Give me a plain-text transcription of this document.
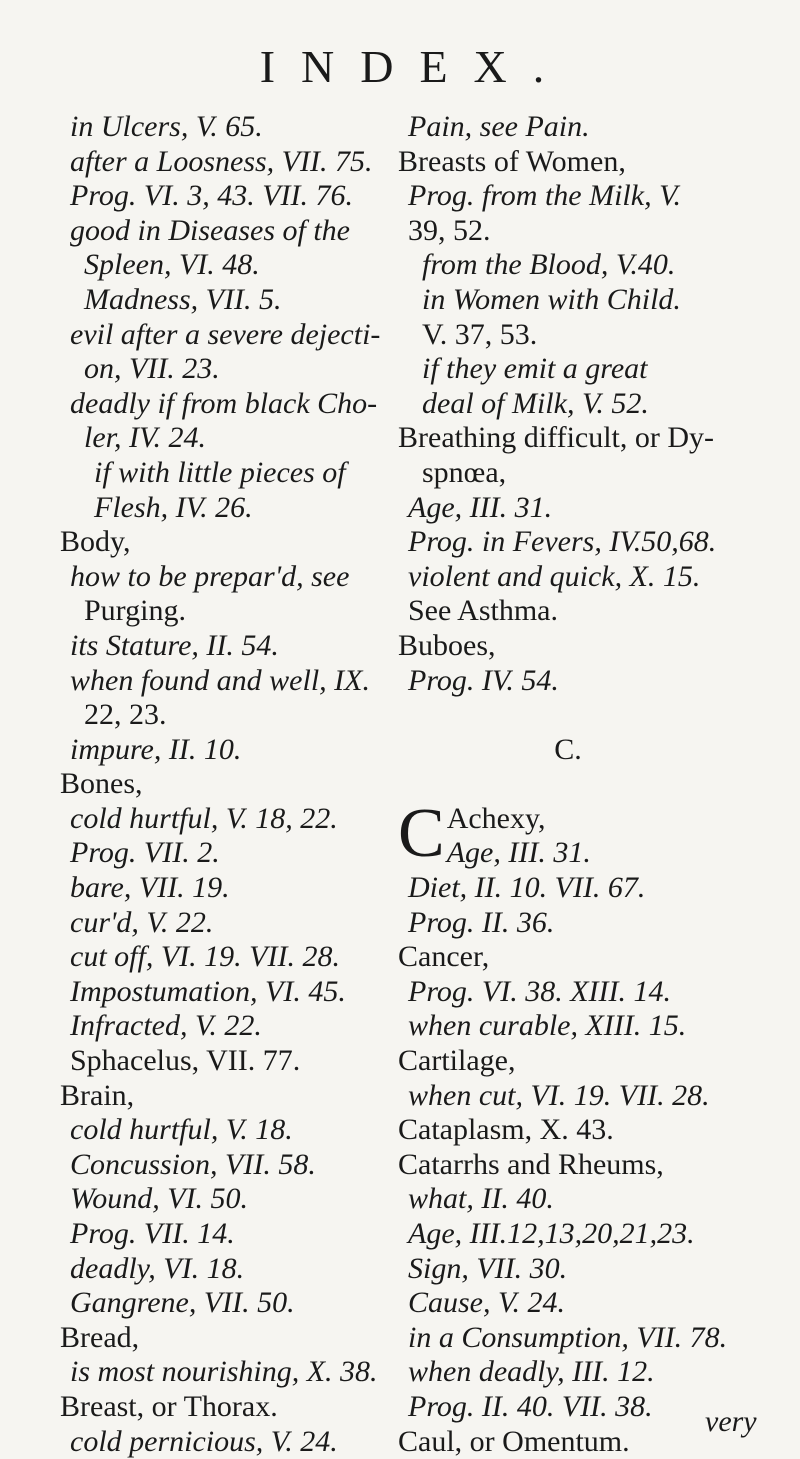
INDEX.
in Ulcers, V. 65.
after a Loosness, VII. 75.
Prog. VI. 3, 43. VII. 76.
good in Diseases of the
Spleen, VI. 48.
Madness, VII. 5.
evil after a severe dejecti-
on, VII. 23.
deadly if from black Cho-
ler, IV. 24.
if with little pieces of
Flesh, IV. 26.
Body,
how to be prepar'd, see
Purging.
its Stature, II. 54.
when found and well, IX.
22, 23.
impure, II. 10.
Bones,
cold hurtful, V. 18, 22.
Prog. VII. 2.
bare, VII. 19.
cur'd, V. 22.
cut off, VI. 19. VII. 28.
Impostumation, VI. 45.
Infracted, V. 22.
Sphacelus, VII. 77.
Brain,
cold hurtful, V. 18.
Concussion, VII. 58.
Wound, VI. 50.
Prog. VII. 14.
deadly, VI. 18.
Gangrene, VII. 50.
Bread,
is most nourishing, X. 38.
Breast, or Thorax.
cold pernicious, V. 24.
Pain, see Pain.
Breasts of Women,
Prog. from the Milk, V.
39, 52.
from the Blood, V.40.
in Women with Child.
V. 37, 53.
if they emit a great
deal of Milk, V. 52.
Breathing difficult, or Dy-
spnœa,
Age, III. 31.
Prog. in Fevers, IV.50,68.
violent and quick, X. 15.
See Asthma.
Buboes,
Prog. IV. 54.
C.
C Achexy,
Age, III. 31.
Diet, II. 10. VII. 67.
Prog. II. 36.
Cancer,
Prog. VI. 38. XIII. 14.
when curable, XIII. 15.
Cartilage,
when cut, VI. 19. VII. 28.
Cataplasm, X. 43.
Catarrhs and Rheums,
what, II. 40.
Age, III.12,13,20,21,23.
Sign, VII. 30.
Cause, V. 24.
in a Consumption, VII. 78.
when deadly, III. 12.
Prog. II. 40. VII. 38.
Caul, or Omentum.
very
